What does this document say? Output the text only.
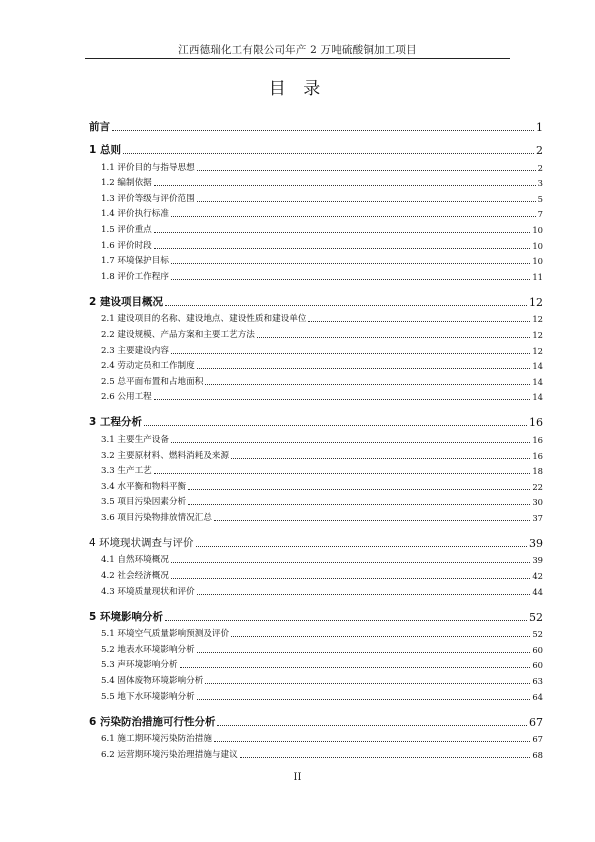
江西德瑞化工有限公司年产 2 万吨硫酸铜加工项目
目 录
前言	1
1 总则	2
1.1 评价目的与指导思想	2
1.2 编制依据	3
1.3 评价等级与评价范围	5
1.4 评价执行标准	7
1.5 评价重点	10
1.6 评价时段	10
1.7 环境保护目标	10
1.8 评价工作程序	11
2 建设项目概况	12
2.1 建设项目的名称、建设地点、建设性质和建设单位	12
2.2 建设规模、产品方案和主要工艺方法	12
2.3 主要建设内容	12
2.4 劳动定员和工作制度	14
2.5 总平面布置和占地面积	14
2.6 公用工程	14
3 工程分析	16
3.1 主要生产设备	16
3.2 主要原材料、燃料消耗及来源	16
3.3 生产工艺	18
3.4 水平衡和物料平衡	22
3.5 项目污染因素分析	30
3.6 项目污染物排放情况汇总	37
4 环境现状调查与评价	39
4.1 自然环境概况	39
4.2 社会经济概况	42
4.3 环境质量现状和评价	44
5 环境影响分析	52
5.1 环境空气质量影响预测及评价	52
5.2 地表水环境影响分析	60
5.3 声环境影响分析	60
5.4 固体废物环境影响分析	63
5.5 地下水环境影响分析	64
6 污染防治措施可行性分析	67
6.1 施工期环境污染防治措施	67
6.2 运营期环境污染治理措施与建议	68
II
